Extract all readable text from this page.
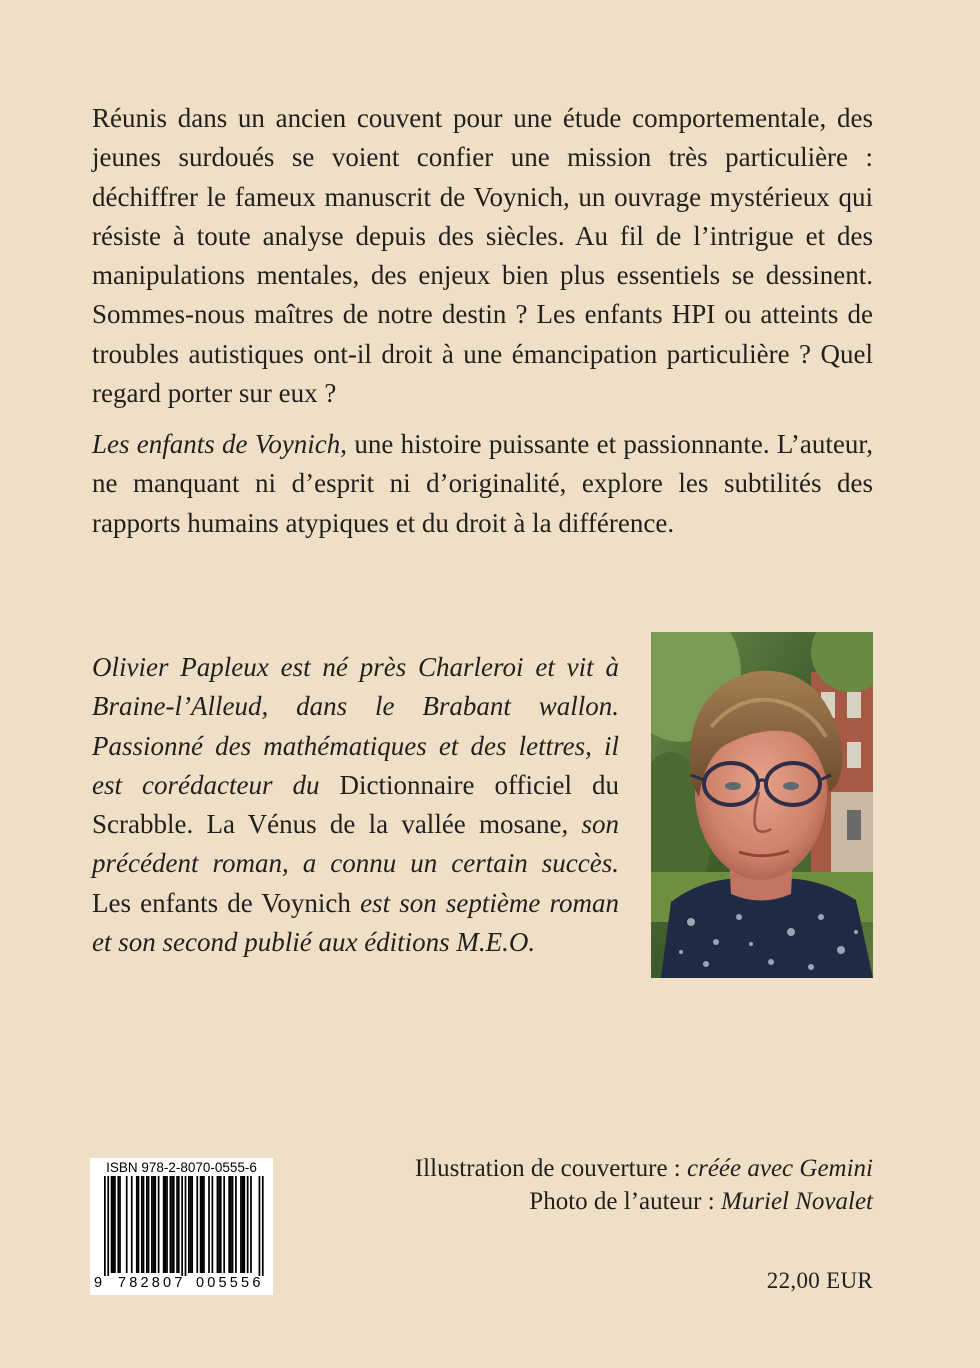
Réunis dans un ancien couvent pour une étude comportementale, des jeunes surdoués se voient confier une mission très particulière : déchiffrer le fameux manuscrit de Voynich, un ouvrage mystérieux qui résiste à toute analyse depuis des siècles. Au fil de l’intrigue et des manipulations mentales, des enjeux bien plus essentiels se dessinent. Sommes-nous maîtres de notre destin ? Les enfants HPI ou atteints de troubles autistiques ont-il droit à une émancipation particulière ? Quel regard porter sur eux ?

Les enfants de Voynich, une histoire puissante et passionnante. L’auteur, ne manquant ni d’esprit ni d’originalité, explore les subtilités des rapports humains atypiques et du droit à la différence.

Olivier Papleux est né près Charleroi et vit à Braine-l’Alleud, dans le Brabant wallon. Passionné des mathématiques et des lettres, il est corédacteur du Dictionnaire officiel du Scrabble. La Vénus de la vallée mosane, son précédent roman, a connu un certain succès. Les enfants de Voynich est son septième roman et son second publié aux éditions M.E.O.

Illustration de couverture : créée avec Gemini
Photo de l’auteur : Muriel Novalet
22,00 EUR
ISBN 978-2-8070-0555-6
9 782807 005556
